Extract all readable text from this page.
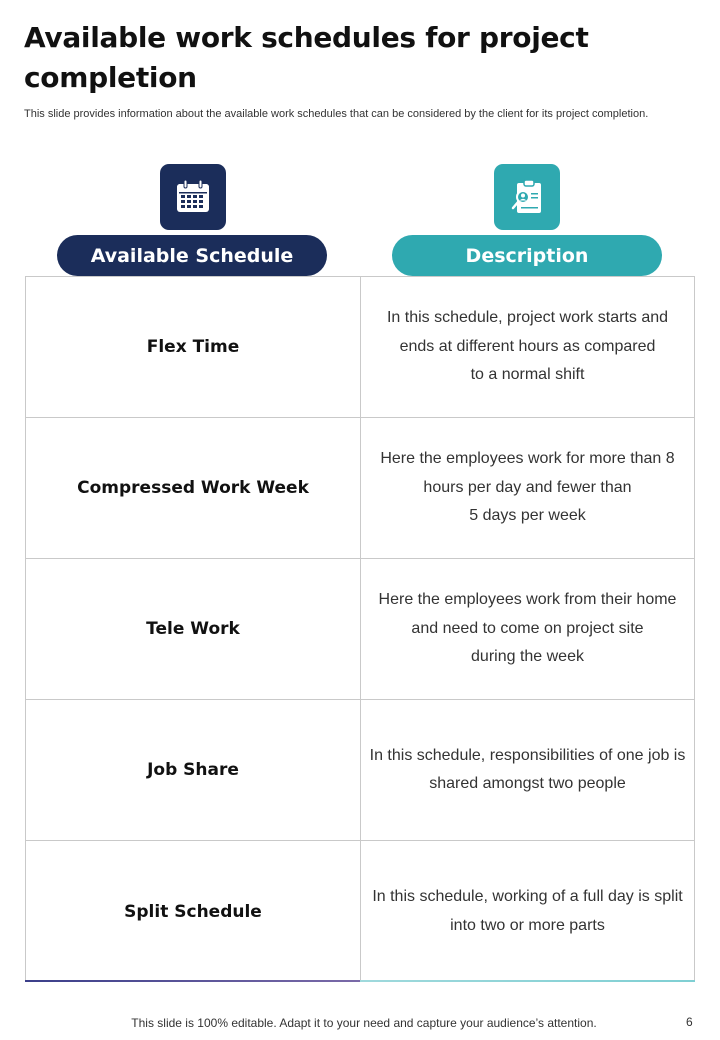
Available work schedules for project completion

This slide provides information about the available work schedules that can be considered by the client for its project completion.

Available Schedule	Description
Flex Time
In this schedule, project work starts and
ends at different hours as compared
to a normal shift
Compressed Work Week
Here the employees work for more than 8
hours per day and fewer than
5 days per week
Tele Work
Here the employees work from their home
and need to come on project site
during the week
Job Share
In this schedule, responsibilities of one job is
shared amongst two people
Split Schedule
In this schedule, working of a full day is split
into two or more parts
This slide is 100% editable. Adapt it to your need and capture your audience’s attention.	6
